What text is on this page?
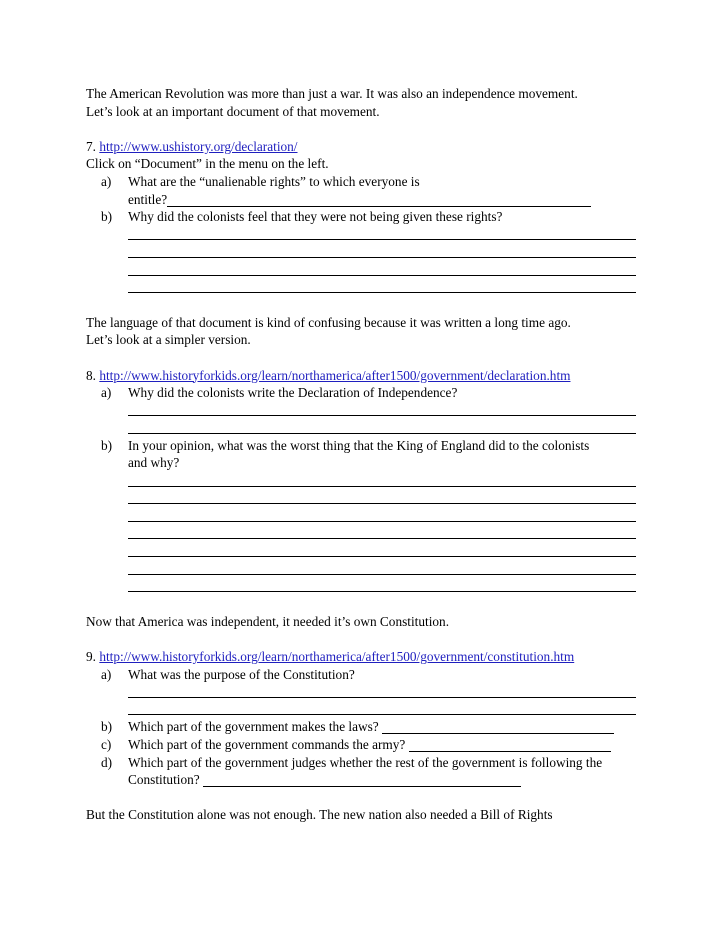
The American Revolution was more than just a war. It was also an independence movement.
Let’s look at an important document of that movement.
7. http://www.ushistory.org/declaration/
Click on “Document” in the menu on the left.
a) What are the “unalienable rights” to which everyone is
entitle?
b) Why did the colonists feel that they were not being given these rights?
The language of that document is kind of confusing because it was written a long time ago.
Let’s look at a simpler version.
8. http://www.historyforkids.org/learn/northamerica/after1500/government/declaration.htm
a) Why did the colonists write the Declaration of Independence?
b) In your opinion, what was the worst thing that the King of England did to the colonists
and why?
Now that America was independent, it needed it’s own Constitution.
9. http://www.historyforkids.org/learn/northamerica/after1500/government/constitution.htm
a) What was the purpose of the Constitution?
b) Which part of the government makes the laws?
c) Which part of the government commands the army?
d) Which part of the government judges whether the rest of the government is following the
Constitution?
But the Constitution alone was not enough. The new nation also needed a Bill of Rights
